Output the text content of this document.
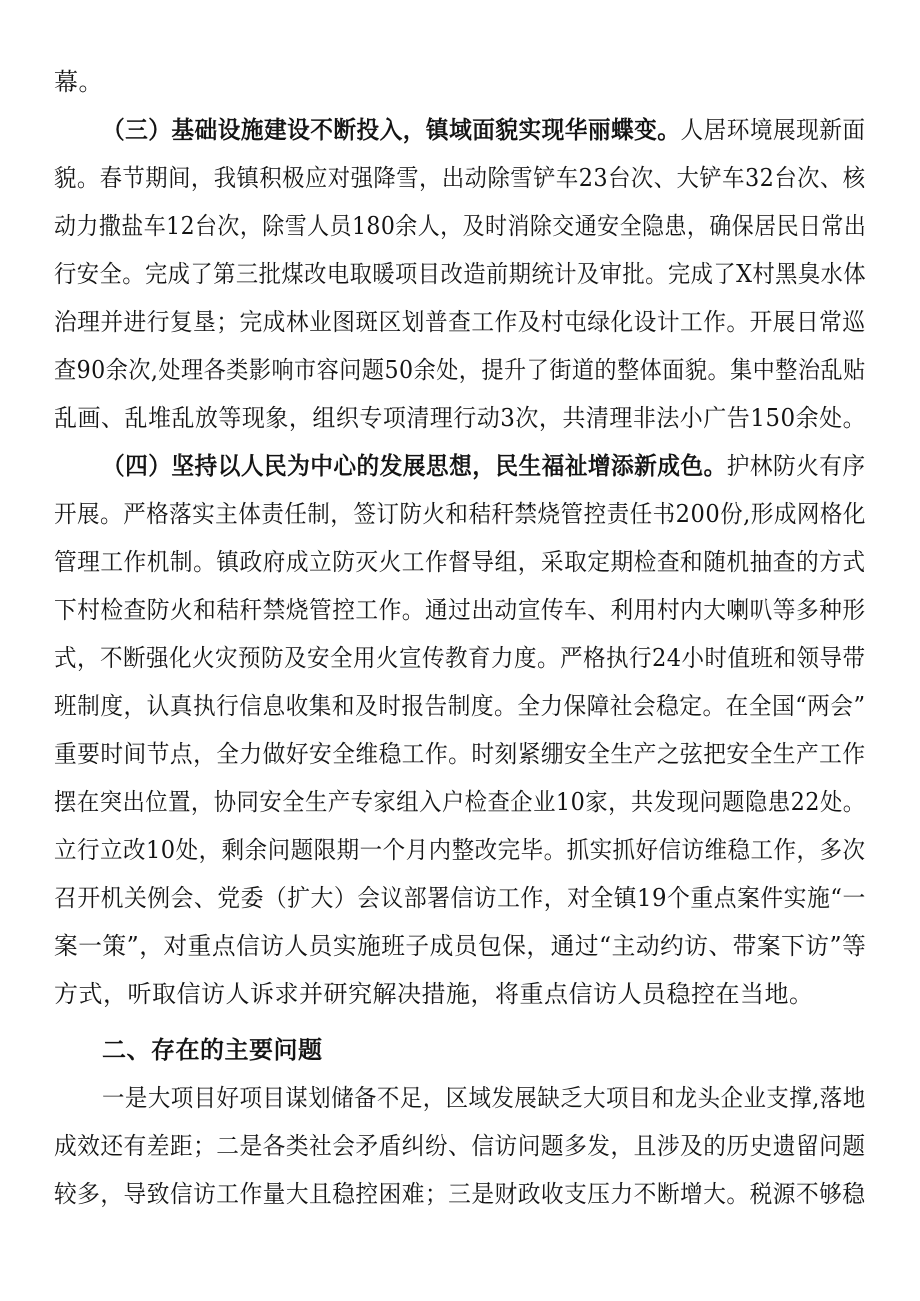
幕。
（三）基础设施建设不断投入，镇域面貌实现华丽蝶变。人居环境展现新面
貌。春节期间，我镇积极应对强降雪，出动除雪铲车23台次、大铲车32台次、核
动力撒盐车12台次，除雪人员180余人，及时消除交通安全隐患，确保居民日常出
行安全。完成了第三批煤改电取暖项目改造前期统计及审批。完成了X村黑臭水体
治理并进行复垦；完成林业图斑区划普查工作及村屯绿化设计工作。开展日常巡
查90余次,处理各类影响市容问题50余处，提升了街道的整体面貌。集中整治乱贴
乱画、乱堆乱放等现象，组织专项清理行动3次，共清理非法小广告150余处。
（四）坚持以人民为中心的发展思想，民生福祉增添新成色。护林防火有序
开展。严格落实主体责任制，签订防火和秸秆禁烧管控责任书200份,形成网格化
管理工作机制。镇政府成立防灭火工作督导组，采取定期检查和随机抽查的方式
下村检查防火和秸秆禁烧管控工作。通过出动宣传车、利用村内大喇叭等多种形
式，不断强化火灾预防及安全用火宣传教育力度。严格执行24小时值班和领导带
班制度，认真执行信息收集和及时报告制度。全力保障社会稳定。在全国“两会”
重要时间节点，全力做好安全维稳工作。时刻紧绷安全生产之弦把安全生产工作
摆在突出位置，协同安全生产专家组入户检查企业10家，共发现问题隐患22处。
立行立改10处，剩余问题限期一个月内整改完毕。抓实抓好信访维稳工作，多次
召开机关例会、党委（扩大）会议部署信访工作，对全镇19个重点案件实施“一
案一策”，对重点信访人员实施班子成员包保，通过“主动约访、带案下访”等
方式，听取信访人诉求并研究解决措施，将重点信访人员稳控在当地。
二、存在的主要问题
一是大项目好项目谋划储备不足，区域发展缺乏大项目和龙头企业支撑,落地
成效还有差距；二是各类社会矛盾纠纷、信访问题多发，且涉及的历史遗留问题
较多，导致信访工作量大且稳控困难；三是财政收支压力不断增大。税源不够稳
